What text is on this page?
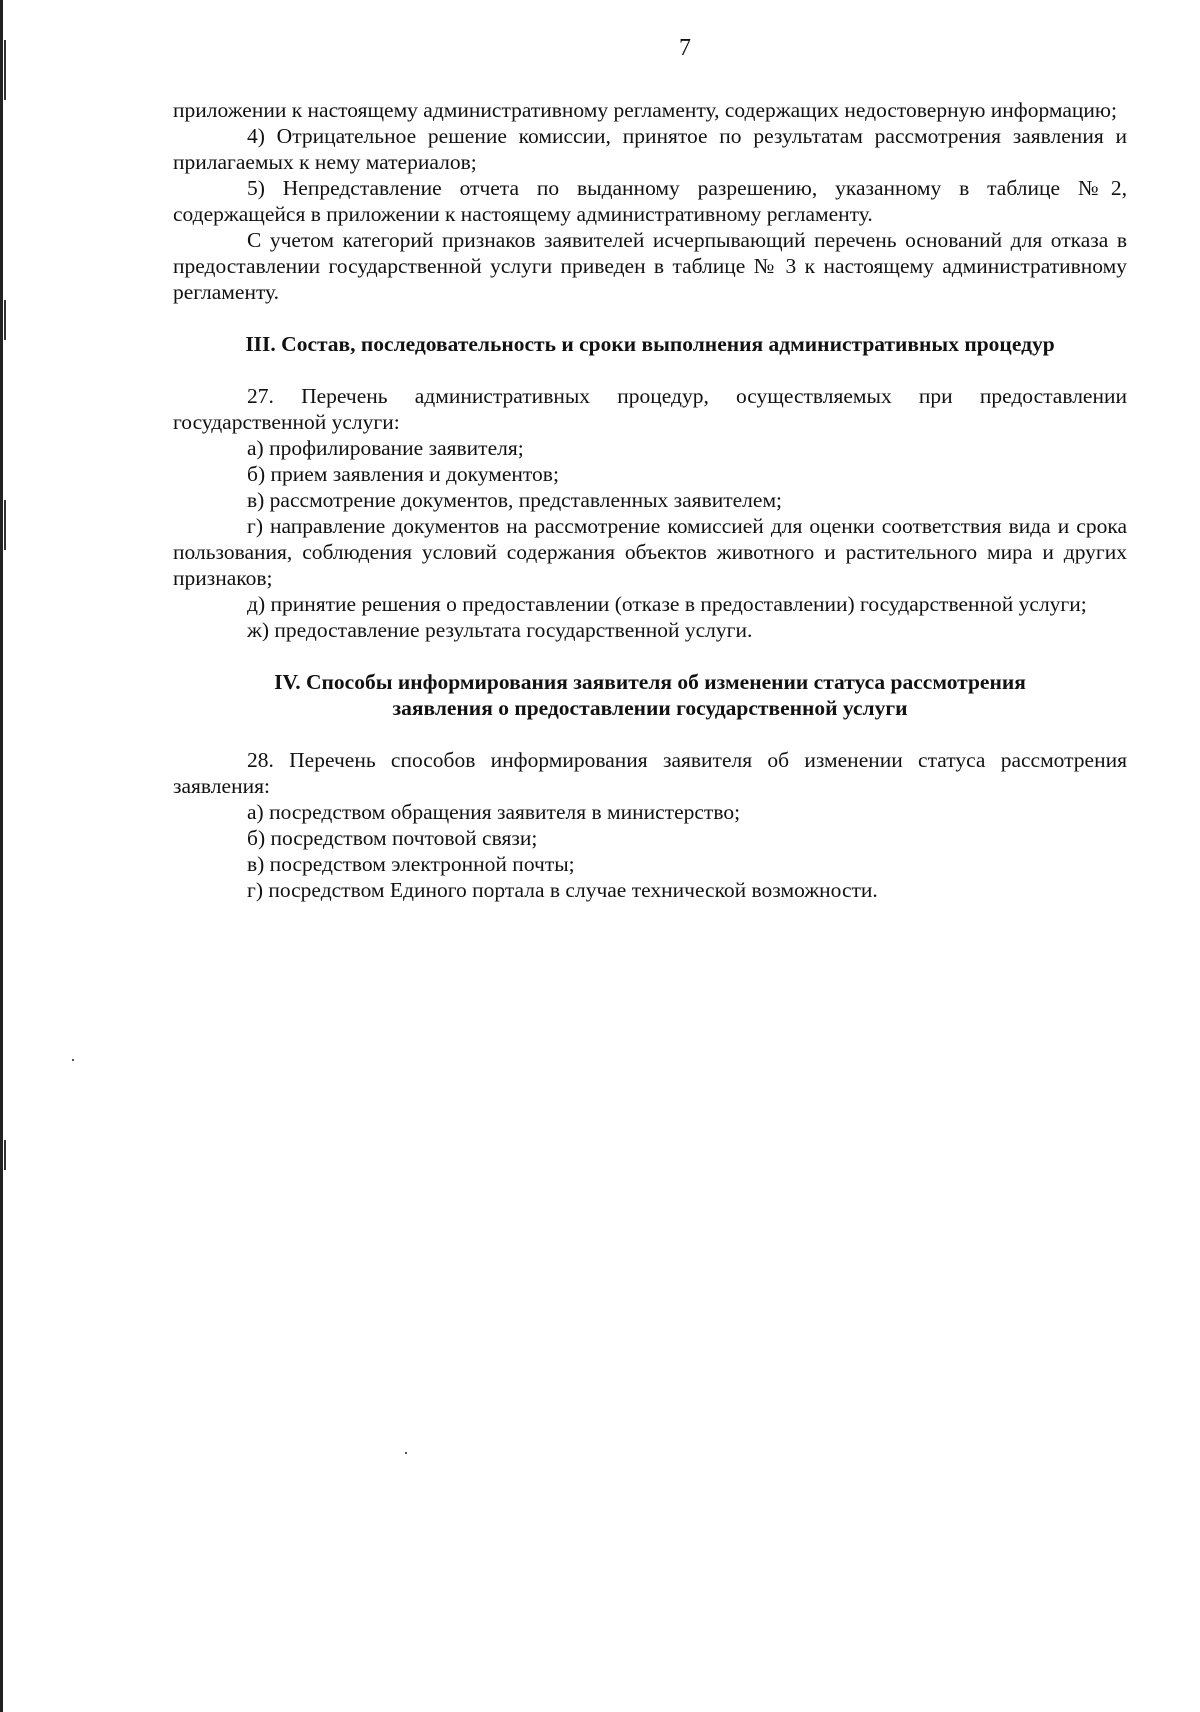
7

приложении к настоящему административному регламенту, содержащих недостоверную информацию;

4) Отрицательное решение комиссии, принятое по результатам рассмотрения заявления и прилагаемых к нему материалов;

5) Непредставление отчета по выданному разрешению, указанному в таблице №2, содержащейся в приложении к настоящему административному регламенту.

С учетом категорий признаков заявителей исчерпывающий перечень оснований для отказа в предоставлении государственной услуги приведен в таблице № 3 к настоящему административному регламенту.

III. Состав, последовательность и сроки выполнения административных процедур

27. Перечень административных процедур, осуществляемых при предоставлении государственной услуги:

а) профилирование заявителя;

б) прием заявления и документов;

в) рассмотрение документов, представленных заявителем;

г) направление документов на рассмотрение комиссией для оценки соответствия вида и срока пользования, соблюдения условий содержания объектов животного и растительного мира и других признаков;

д) принятие решения о предоставлении (отказе в предоставлении) государственной услуги;

ж) предоставление результата государственной услуги.

IV. Способы информирования заявителя об изменении статуса рассмотрения
заявления о предоставлении государственной услуги

28. Перечень способов информирования заявителя об изменении статуса рассмотрения заявления:

а) посредством обращения заявителя в министерство;

б) посредством почтовой связи;

в) посредством электронной почты;

г) посредством Единого портала в случае технической возможности.
